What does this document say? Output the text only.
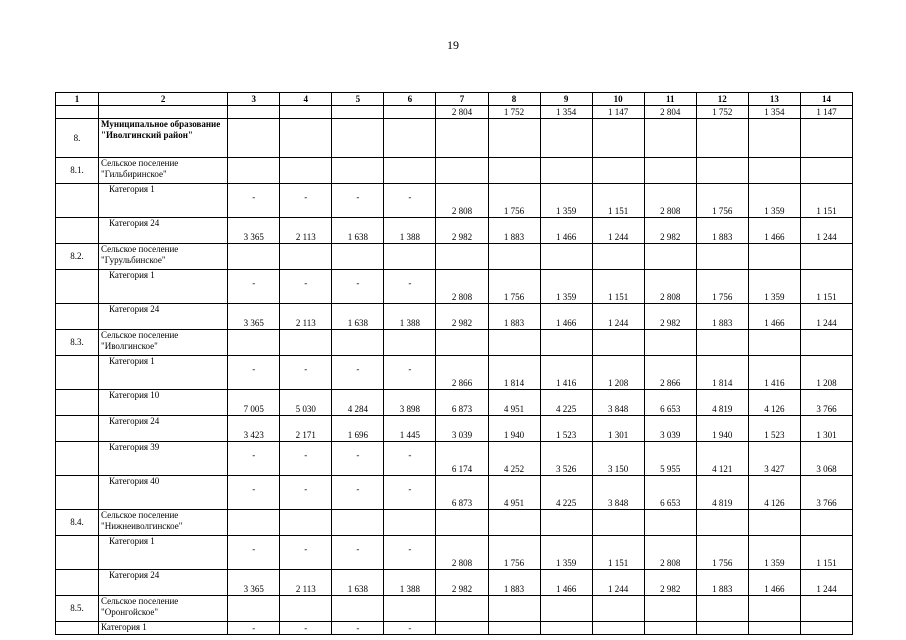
19
1	2	3	4	5	6	7	8	9	10	11	12	13	14
						2 804	1 752	1 354	1 147	2 804	1 752	1 354	1 147
8.	Муниципальное образование "Иволгинский район"												
8.1.	Сельское поселение "Гильбиринское"												
	Категория 1	-	-	-	-	2 808	1 756	1 359	1 151	2 808	1 756	1 359	1 151
	Категория 24	3 365	2 113	1 638	1 388	2 982	1 883	1 466	1 244	2 982	1 883	1 466	1 244
8.2.	Сельское поселение "Гурульбинское"												
	Категория 1	-	-	-	-	2 808	1 756	1 359	1 151	2 808	1 756	1 359	1 151
	Категория 24	3 365	2 113	1 638	1 388	2 982	1 883	1 466	1 244	2 982	1 883	1 466	1 244
8.3.	Сельское поселение "Иволгинское"												
	Категория 1	-	-	-	-	2 866	1 814	1 416	1 208	2 866	1 814	1 416	1 208
	Категория 10	7 005	5 030	4 284	3 898	6 873	4 951	4 225	3 848	6 653	4 819	4 126	3 766
	Категория 24	3 423	2 171	1 696	1 445	3 039	1 940	1 523	1 301	3 039	1 940	1 523	1 301
	Категория 39	-	-	-	-	6 174	4 252	3 526	3 150	5 955	4 121	3 427	3 068
	Категория 40	-	-	-	-	6 873	4 951	4 225	3 848	6 653	4 819	4 126	3 766
8.4.	Сельское поселение "Нижнеиволгинское"												
	Категория 1	-	-	-	-	2 808	1 756	1 359	1 151	2 808	1 756	1 359	1 151
	Категория 24	3 365	2 113	1 638	1 388	2 982	1 883	1 466	1 244	2 982	1 883	1 466	1 244
8.5.	Сельское поселение "Оронгойское"												
	Категория 1	-	-	-	-								
